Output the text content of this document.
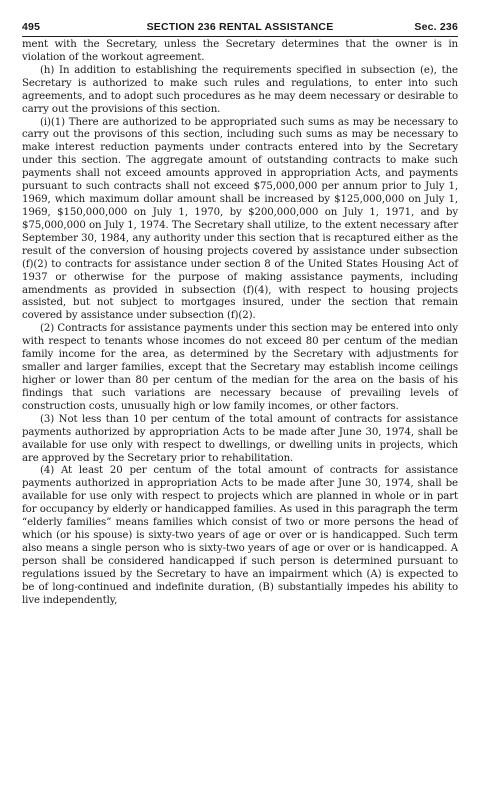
495	SECTION 236 RENTAL ASSISTANCE	Sec. 236

ment with the Secretary, unless the Secretary determines that the owner is in violation of the workout agreement.

(h) In addition to establishing the requirements specified in subsection (e), the Secretary is authorized to make such rules and regulations, to enter into such agreements, and to adopt such procedures as he may deem necessary or desirable to carry out the provisions of this section.

(i)(1) There are authorized to be appropriated such sums as may be necessary to carry out the provisons of this section, including such sums as may be necessary to make interest reduction payments under contracts entered into by the Secretary under this section. The aggregate amount of outstanding contracts to make such payments shall not exceed amounts approved in appropriation Acts, and payments pursuant to such contracts shall not exceed $75,000,000 per annum prior to July 1, 1969, which maximum dollar amount shall be increased by $125,000,000 on July 1, 1969, $150,000,000 on July 1, 1970, by $200,000,000 on July 1, 1971, and by $75,000,000 on July 1, 1974. The Secretary shall utilize, to the extent necessary after September 30, 1984, any authority under this section that is recaptured either as the result of the conversion of housing projects covered by assistance under subsection (f)(2) to contracts for assistance under section 8 of the United States Housing Act of 1937 or otherwise for the purpose of making assistance payments, including amendments as provided in subsection (f)(4), with respect to housing projects assisted, but not subject to mortgages insured, under the section that remain covered by assistance under subsection (f)(2).

(2) Contracts for assistance payments under this section may be entered into only with respect to tenants whose incomes do not exceed 80 per centum of the median family income for the area, as determined by the Secretary with adjustments for smaller and larger families, except that the Secretary may establish income ceilings higher or lower than 80 per centum of the median for the area on the basis of his findings that such variations are necessary because of prevailing levels of construction costs, unusually high or low family incomes, or other factors.

(3) Not less than 10 per centum of the total amount of contracts for assistance payments authorized by appropriation Acts to be made after June 30, 1974, shall be available for use only with respect to dwellings, or dwelling units in projects, which are approved by the Secretary prior to rehabilitation.

(4) At least 20 per centum of the total amount of contracts for assistance payments authorized in appropriation Acts to be made after June 30, 1974, shall be available for use only with respect to projects which are planned in whole or in part for occupancy by elderly or handicapped families. As used in this paragraph the term “elderly families” means families which consist of two or more persons the head of which (or his spouse) is sixty-two years of age or over or is handicapped. Such term also means a single person who is sixty-two years of age or over or is handicapped. A person shall be considered handicapped if such person is determined pursuant to regulations issued by the Secretary to have an impairment which (A) is expected to be of long-continued and indefinite duration, (B) substantially impedes his ability to live independently,
